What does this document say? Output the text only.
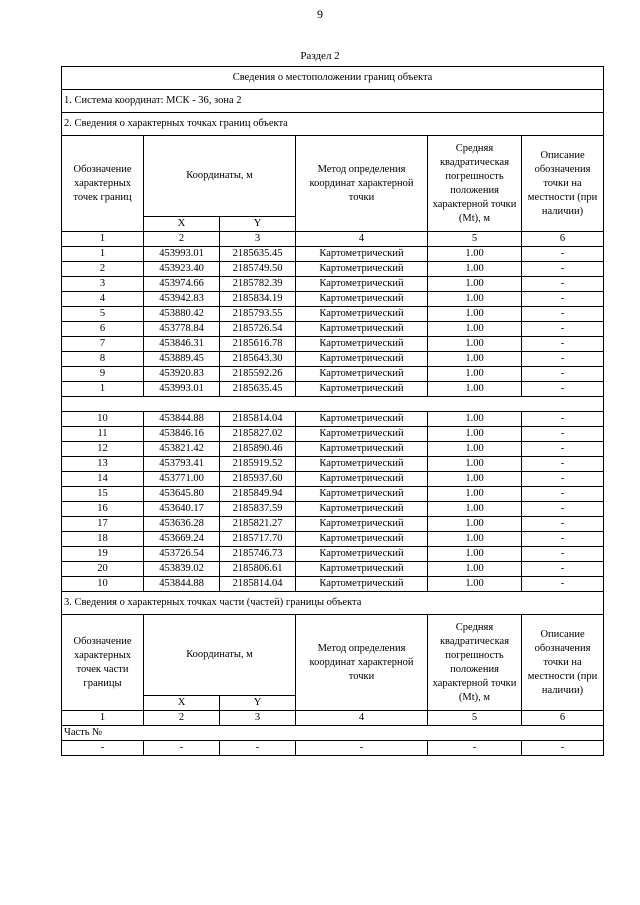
9
Раздел 2
Сведения о местоположении границ объекта					
1. Система координат: МСК - 36, зона 2					
2. Сведения о характерных точках границ объекта					
Обозначение характерных точек границ	Координаты, м		Метод определения координат характерной точки	Средняя квадратическая погрешность положения характерной точки (Mt), м	Описание обозначения точки на местности (при наличии)
	X	Y			
1	2	3	4	5	6
1	453993.01	2185635.45	Картометрический	1.00	-
2	453923.40	2185749.50	Картометрический	1.00	-
3	453974.66	2185782.39	Картометрический	1.00	-
4	453942.83	2185834.19	Картометрический	1.00	-
5	453880.42	2185793.55	Картометрический	1.00	-
6	453778.84	2185726.54	Картометрический	1.00	-
7	453846.31	2185616.78	Картометрический	1.00	-
8	453889.45	2185643.30	Картометрический	1.00	-
9	453920.83	2185592.26	Картометрический	1.00	-
1	453993.01	2185635.45	Картометрический	1.00	-

10	453844.88	2185814.04	Картометрический	1.00	-
11	453846.16	2185827.02	Картометрический	1.00	-
12	453821.42	2185890.46	Картометрический	1.00	-
13	453793.41	2185919.52	Картометрический	1.00	-
14	453771.00	2185937.60	Картометрический	1.00	-
15	453645.80	2185849.94	Картометрический	1.00	-
16	453640.17	2185837.59	Картометрический	1.00	-
17	453636.28	2185821.27	Картометрический	1.00	-
18	453669.24	2185717.70	Картометрический	1.00	-
19	453726.54	2185746.73	Картометрический	1.00	-
20	453839.02	2185806.61	Картометрический	1.00	-
10	453844.88	2185814.04	Картометрический	1.00	-
3. Сведения о характерных точках части (частей) границы объекта					
Обозначение характерных точек части границы	Координаты, м		Метод определения координат характерной точки	Средняя квадратическая погрешность положения характерной точки (Mt), м	Описание обозначения точки на местности (при наличии)
	X	Y			
1	2	3	4	5	6
Часть №					
-	-	-	-	-	-
